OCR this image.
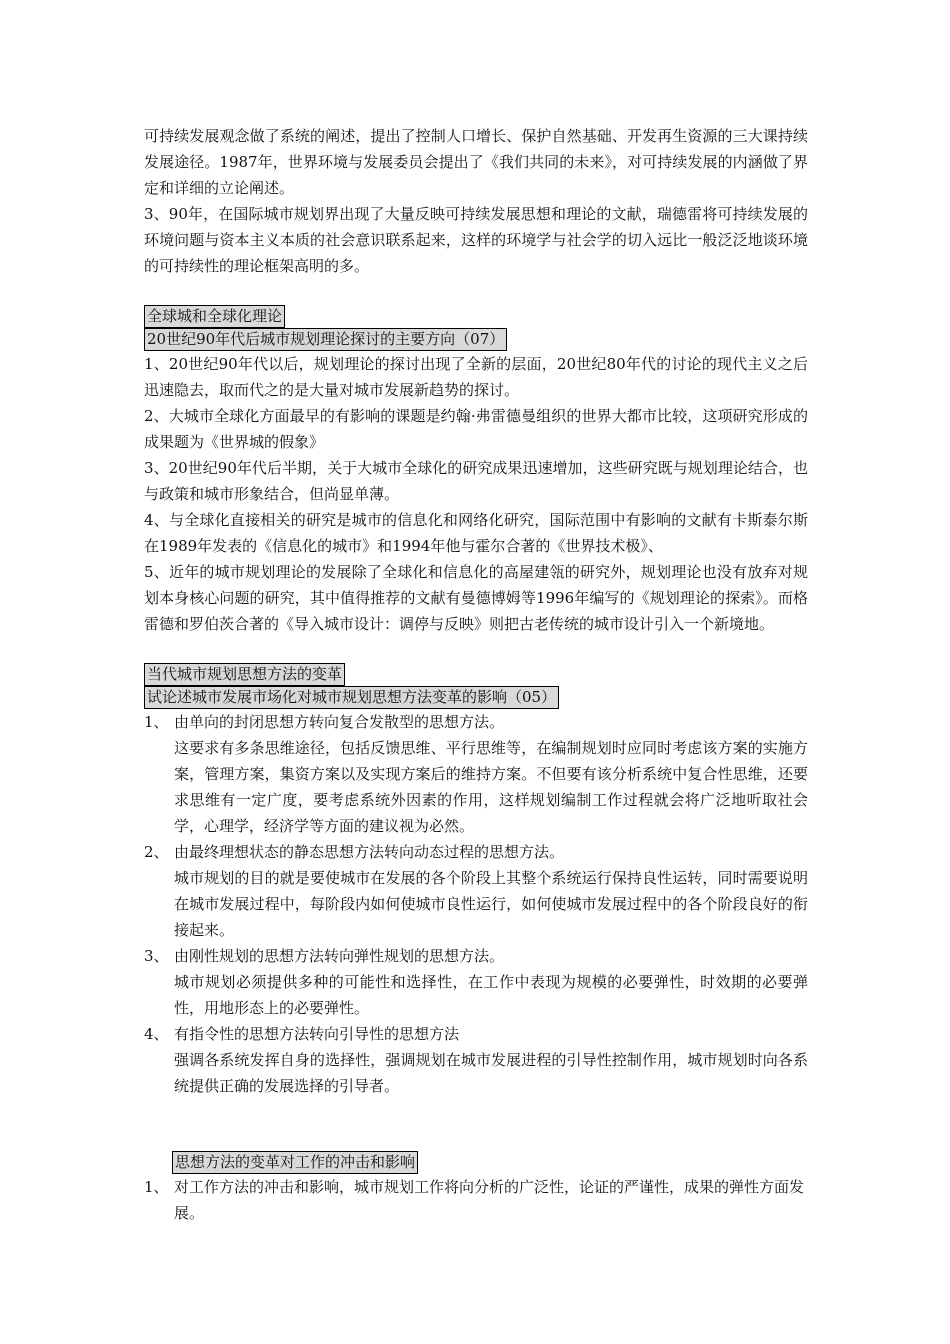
可持续发展观念做了系统的阐述，提出了控制人口增长、保护自然基础、开发再生资源的三大课持续发展途径。1987年，世界环境与发展委员会提出了《我们共同的未来》，对可持续发展的内涵做了界定和详细的立论阐述。

3、90年，在国际城市规划界出现了大量反映可持续发展思想和理论的文献，瑞德雷将可持续发展的环境问题与资本主义本质的社会意识联系起来，这样的环境学与社会学的切入远比一般泛泛地谈环境的可持续性的理论框架高明的多。

全球城和全球化理论
20世纪90年代后城市规划理论探讨的主要方向（07）

1、20世纪90年代以后，规划理论的探讨出现了全新的层面，20世纪80年代的讨论的现代主义之后迅速隐去，取而代之的是大量对城市发展新趋势的探讨。

2、大城市全球化方面最早的有影响的课题是约翰·弗雷德曼组织的世界大都市比较，这项研究形成的成果题为《世界城的假象》

3、20世纪90年代后半期，关于大城市全球化的研究成果迅速增加，这些研究既与规划理论结合，也与政策和城市形象结合，但尚显单薄。

4、与全球化直接相关的研究是城市的信息化和网络化研究，国际范围中有影响的文献有卡斯泰尔斯在1989年发表的《信息化的城市》和1994年他与霍尔合著的《世界技术极》、

5、近年的城市规划理论的发展除了全球化和信息化的高屋建瓴的研究外，规划理论也没有放弃对规划本身核心问题的研究，其中值得推荐的文献有曼德博姆等1996年编写的《规划理论的探索》。而格雷德和罗伯茨合著的《导入城市设计：调停与反映》则把古老传统的城市设计引入一个新境地。

当代城市规划思想方法的变革
试论述城市发展市场化对城市规划思想方法变革的影响（05）
1、 由单向的封闭思想方转向复合发散型的思想方法。
这要求有多条思维途径，包括反馈思维、平行思维等，在编制规划时应同时考虑该方案的实施方案，管理方案，集资方案以及实现方案后的维持方案。不但要有该分析系统中复合性思维，还要求思维有一定广度，要考虑系统外因素的作用，这样规划编制工作过程就会将广泛地听取社会学，心理学，经济学等方面的建议视为必然。
2、 由最终理想状态的静态思想方法转向动态过程的思想方法。
城市规划的目的就是要使城市在发展的各个阶段上其整个系统运行保持良性运转，同时需要说明在城市发展过程中，每阶段内如何使城市良性运行，如何使城市发展过程中的各个阶段良好的衔接起来。
3、 由刚性规划的思想方法转向弹性规划的思想方法。
城市规划必须提供多种的可能性和选择性，在工作中表现为规模的必要弹性，时效期的必要弹性，用地形态上的必要弹性。
4、 有指令性的思想方法转向引导性的思想方法
强调各系统发挥自身的选择性，强调规划在城市发展进程的引导性控制作用，城市规划时向各系统提供正确的发展选择的引导者。
思想方法的变革对工作的冲击和影响
1、 对工作方法的冲击和影响，城市规划工作将向分析的广泛性，论证的严谨性，成果的弹性方面发展。
